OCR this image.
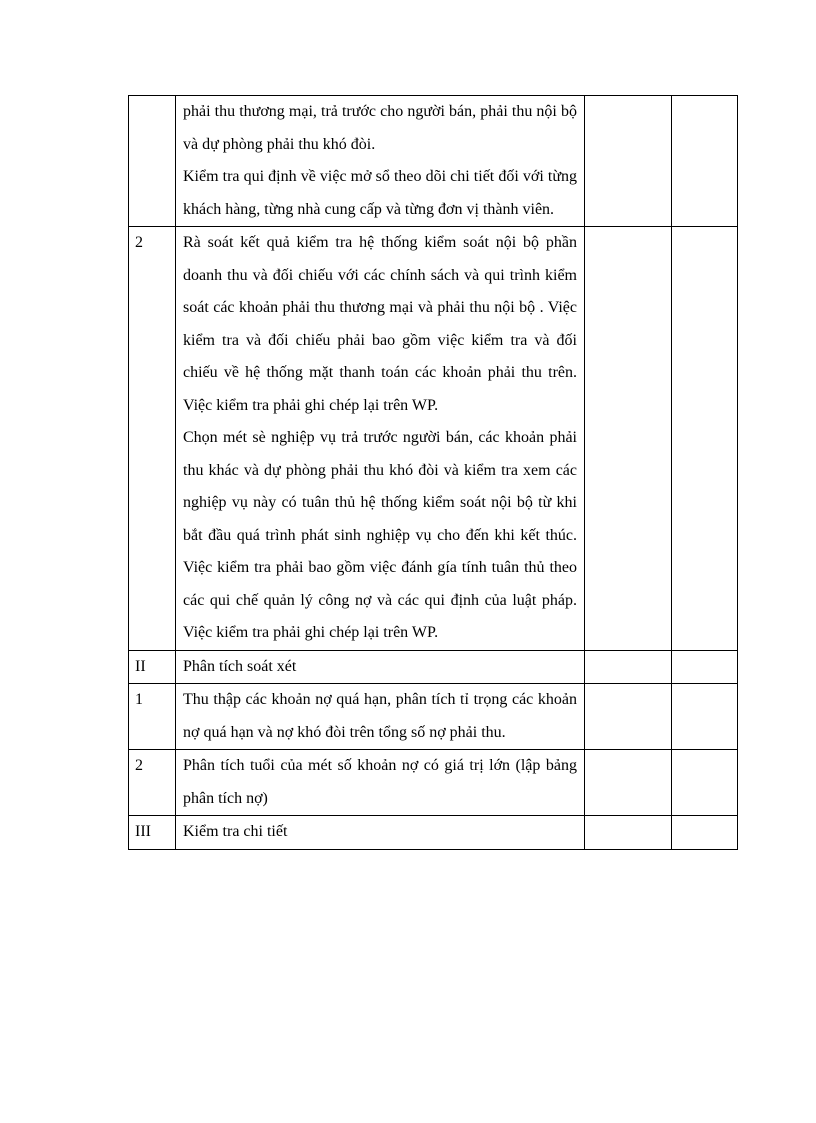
	phải thu thương mại, trả trước cho người bán, phải thu nội bộ và dự phòng phải thu khó đòi.

Kiểm tra qui định về việc mở sổ theo dõi chi tiết đối với từng khách hàng, từng nhà cung cấp và từng đơn vị thành viên.		

2	Rà soát kết quả kiểm tra hệ thống kiểm soát nội bộ phần doanh thu và đối chiếu với các chính sách và qui trình kiểm soát các khoản phải thu thương mại và phải thu nội bộ . Việc kiểm tra và đối chiếu phải bao gồm việc kiểm tra và đối chiếu về hệ thống mặt thanh toán các khoản phải thu trên. Việc kiểm tra phải ghi chép lại trên WP.

Chọn mét sè nghiệp vụ trả trước người bán, các khoản phải thu khác và dự phòng phải thu khó đòi và kiểm tra xem các nghiệp vụ này có tuân thủ hệ thống kiểm soát nội bộ từ khi bắt đầu quá trình phát sinh nghiệp vụ cho đến khi kết thúc. Việc kiểm tra phải bao gồm việc đánh gía tính tuân thủ theo các qui chế quản lý công nợ và các qui định của luật pháp. Việc kiểm tra phải ghi chép lại trên WP.		

II	Phân tích soát xét		

1	Thu thập các khoản nợ quá hạn, phân tích tỉ trọng các khoản nợ quá hạn và nợ khó đòi trên tổng số nợ phải thu.		

2	Phân tích tuổi của mét số khoản nợ có giá trị lớn (lập bảng phân tích nợ)		

III	Kiểm tra chi tiết		
